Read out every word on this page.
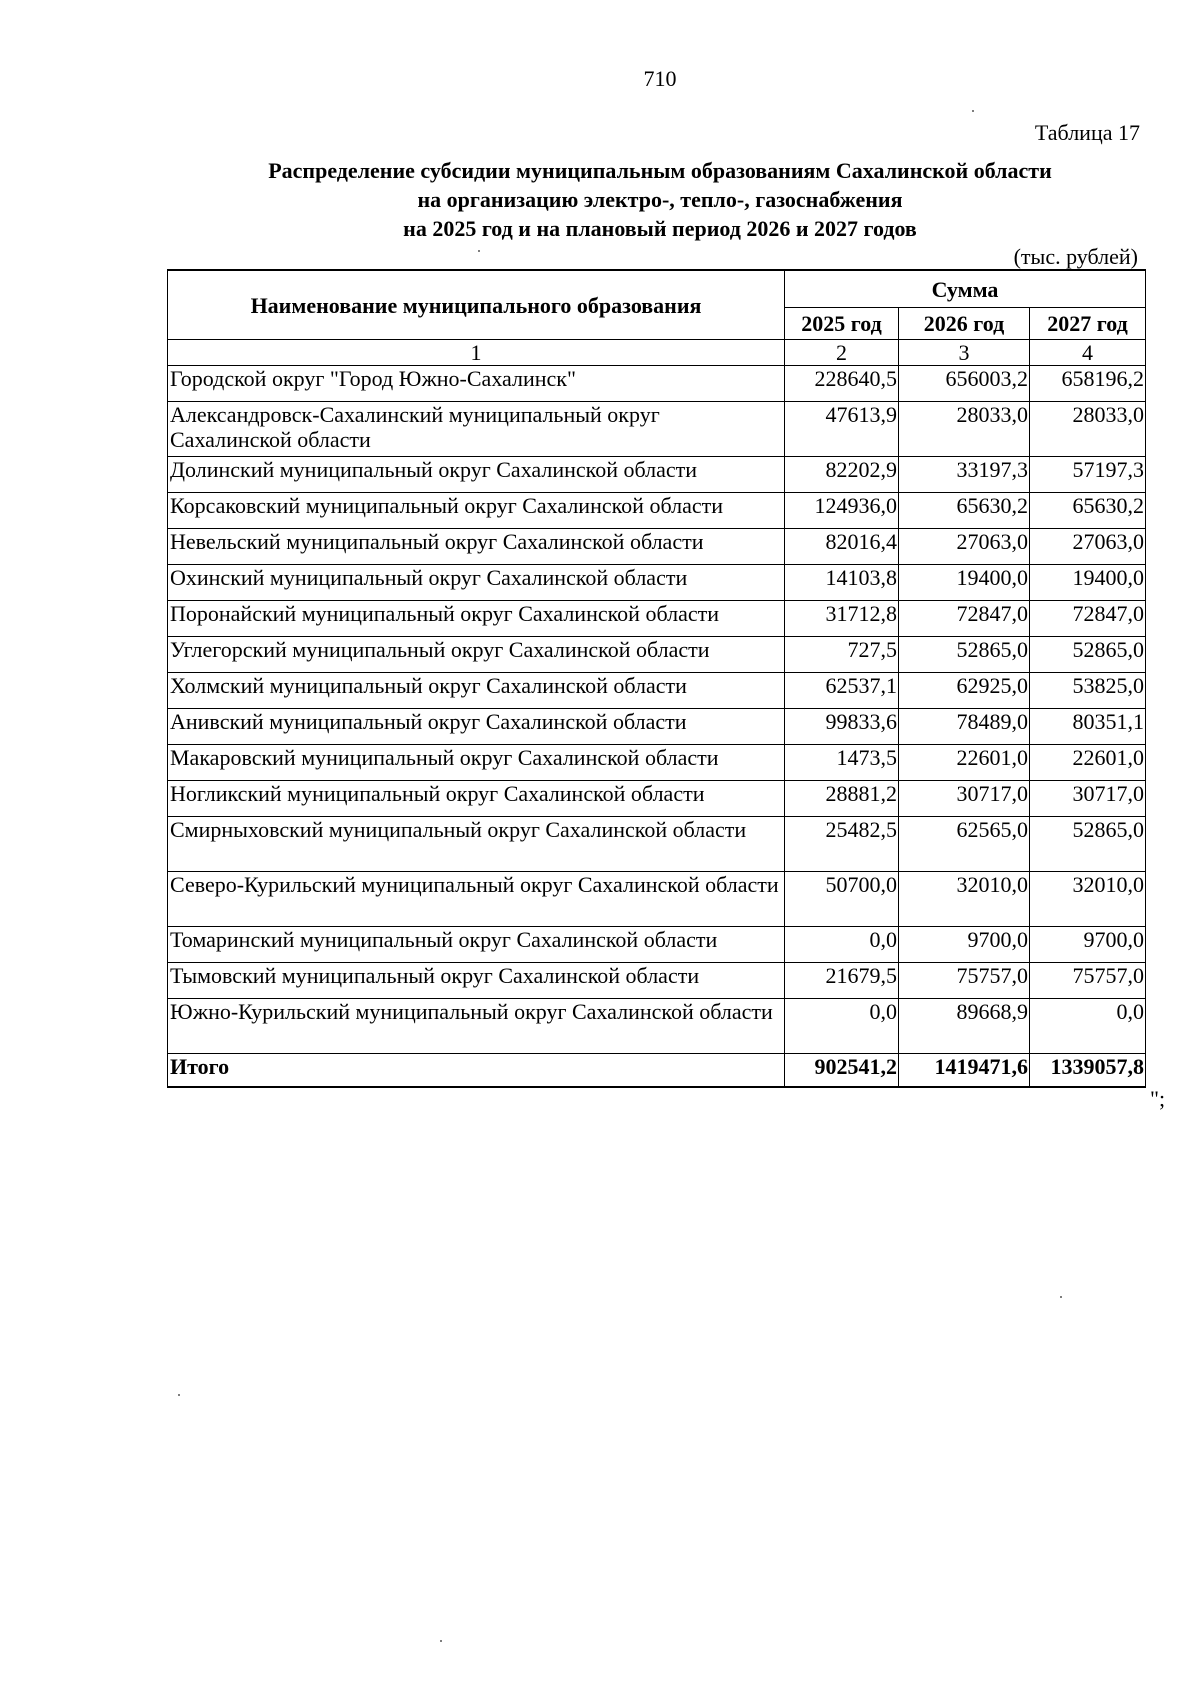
710
Таблица 17
Распределение субсидии муниципальным образованиям Сахалинской области
на организацию электро-, тепло-, газоснабжения
на 2025 год и на плановый период 2026 и 2027 годов
(тыс. рублей)
Наименование муниципального образования	Сумма		
	2025 год	2026 год	2027 год
1	2	3	4
Городской округ "Город Южно-Сахалинск"	228640,5	656003,2	658196,2
Александровск-Сахалинский муниципальный округ Сахалинской области	47613,9	28033,0	28033,0
Долинский муниципальный округ Сахалинской области	82202,9	33197,3	57197,3
Корсаковский муниципальный округ Сахалинской области	124936,0	65630,2	65630,2
Невельский муниципальный округ Сахалинской области	82016,4	27063,0	27063,0
Охинский муниципальный округ Сахалинской области	14103,8	19400,0	19400,0
Поронайский муниципальный округ Сахалинской области	31712,8	72847,0	72847,0
Углегорский муниципальный округ Сахалинской области	727,5	52865,0	52865,0
Холмский муниципальный округ Сахалинской области	62537,1	62925,0	53825,0
Анивский муниципальный округ Сахалинской области	99833,6	78489,0	80351,1
Макаровский муниципальный округ Сахалинской области	1473,5	22601,0	22601,0
Ногликский муниципальный округ Сахалинской области	28881,2	30717,0	30717,0
Смирныховский муниципальный округ Сахалинской области	25482,5	62565,0	52865,0
Северо-Курильский муниципальный округ Сахалинской области	50700,0	32010,0	32010,0
Томаринский муниципальный округ Сахалинской области	0,0	9700,0	9700,0
Тымовский муниципальный округ Сахалинской области	21679,5	75757,0	75757,0
Южно-Курильский муниципальный округ Сахалинской области	0,0	89668,9	0,0
Итого	902541,2	1419471,6	1339057,8
";
